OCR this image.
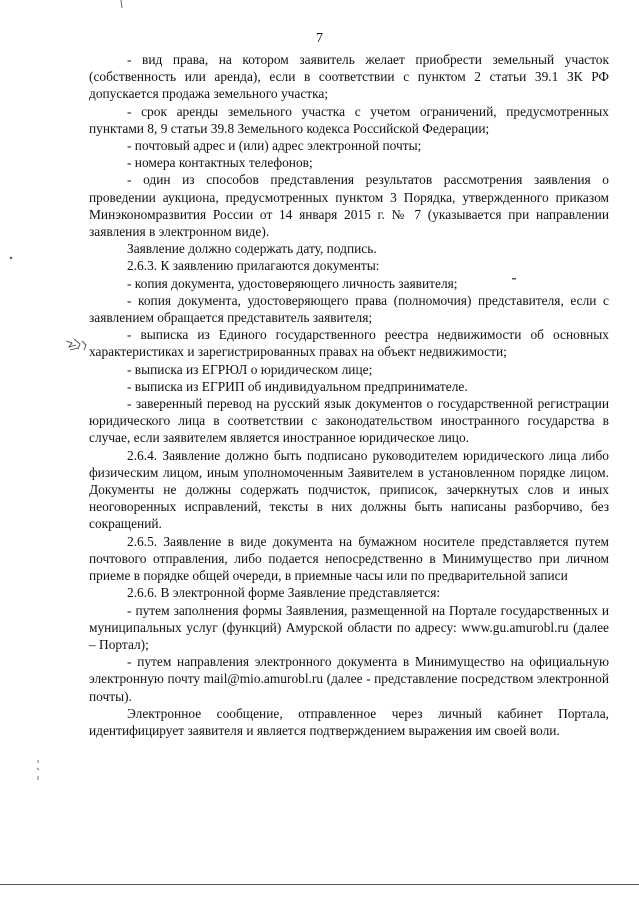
7

- вид права, на котором заявитель желает приобрести земельный участок (собственность или аренда), если в соответствии с пунктом 2 статьи 39.1 ЗК РФ допускается продажа земельного участка;

- срок аренды земельного участка с учетом ограничений, предусмотренных пунктами 8, 9 статьи 39.8 Земельного кодекса Российской Федерации;

- почтовый адрес и (или) адрес электронной почты;

- номера контактных телефонов;

- один из способов представления результатов рассмотрения заявления о проведении аукциона, предусмотренных пунктом 3 Порядка, утвержденного приказом Минэкономразвития России от 14 января 2015 г. № 7 (указывается при направлении заявления в электронном виде).

Заявление должно содержать дату, подпись.

2.6.3. К заявлению прилагаются документы:

- копия документа, удостоверяющего личность заявителя;

- копия документа, удостоверяющего права (полномочия) представителя, если с заявлением обращается представитель заявителя;

- выписка из Единого государственного реестра недвижимости об основных характеристиках и зарегистрированных правах на объект недвижимости;

- выписка из ЕГРЮЛ о юридическом лице;

- выписка из ЕГРИП об индивидуальном предпринимателе.

- заверенный перевод на русский язык документов о государственной регистрации юридического лица в соответствии с законодательством иностранного государства в случае, если заявителем является иностранное юридическое лицо.

2.6.4. Заявление должно быть подписано руководителем юридического лица либо физическим лицом, иным уполномоченным Заявителем в установленном порядке лицом. Документы не должны содержать подчисток, приписок, зачеркнутых слов и иных неоговоренных исправлений, тексты в них должны быть написаны разборчиво, без сокращений.

2.6.5. Заявление в виде документа на бумажном носителе представляется путем почтового отправления, либо подается непосредственно в Минимущество при личном приеме в порядке общей очереди, в приемные часы или по предварительной записи

2.6.6. В электронной форме Заявление представляется:

- путем заполнения формы Заявления, размещенной на Портале государственных и муниципальных услуг (функций) Амурской области по адресу: www.gu.amurobl.ru (далее – Портал);

- путем направления электронного документа в Минимущество на официальную электронную почту mail@mio.amurobl.ru (далее - представление посредством электронной почты).

Электронное сообщение, отправленное через личный кабинет Портала, идентифицирует заявителя и является подтверждением выражения им своей воли.
